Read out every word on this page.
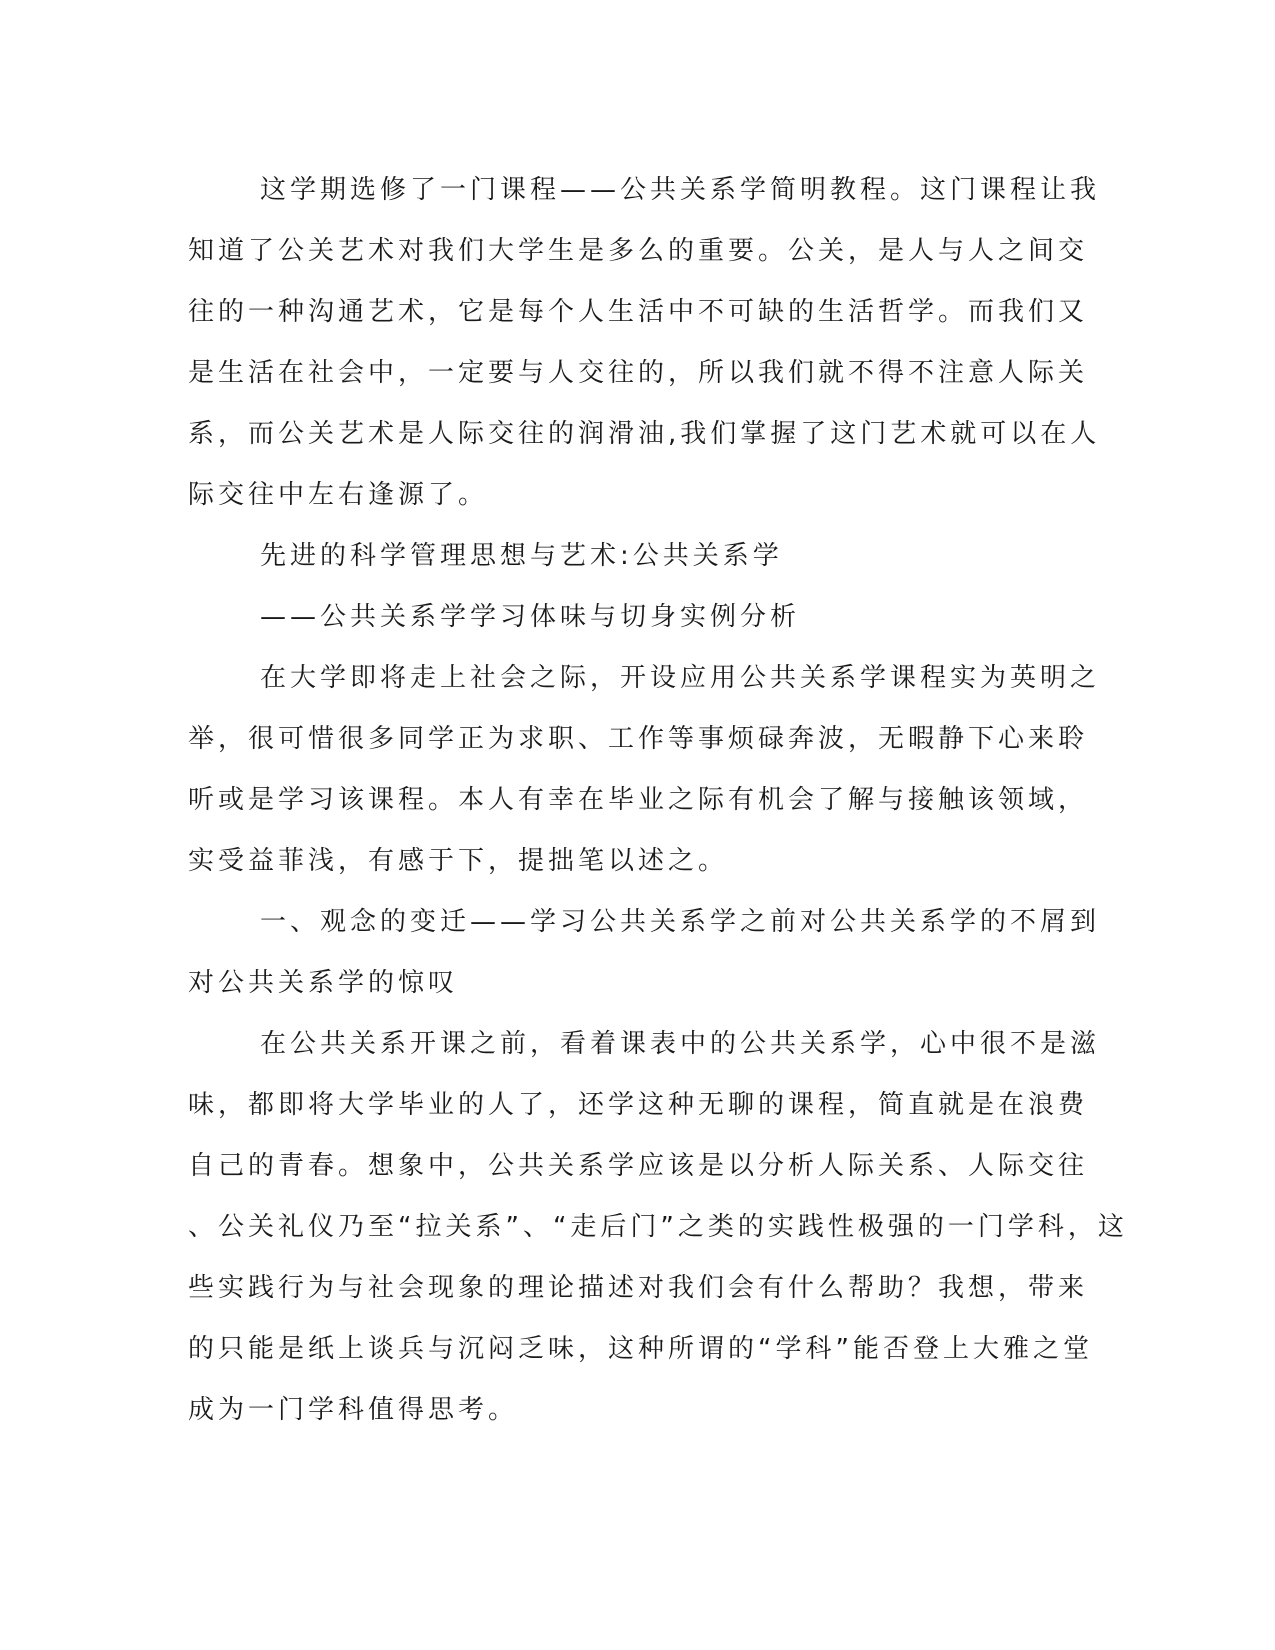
这学期选修了一门课程——公共关系学简明教程。这门课程让我
知道了公关艺术对我们大学生是多么的重要。公关，是人与人之间交
往的一种沟通艺术，它是每个人生活中不可缺的生活哲学。而我们又
是生活在社会中，一定要与人交往的，所以我们就不得不注意人际关
系，而公关艺术是人际交往的润滑油,我们掌握了这门艺术就可以在人
际交往中左右逢源了。
先进的科学管理思想与艺术:公共关系学
——公共关系学学习体味与切身实例分析
在大学即将走上社会之际，开设应用公共关系学课程实为英明之
举，很可惜很多同学正为求职、工作等事烦碌奔波，无暇静下心来聆
听或是学习该课程。本人有幸在毕业之际有机会了解与接触该领域，
实受益菲浅，有感于下，提拙笔以述之。
一、观念的变迁——学习公共关系学之前对公共关系学的不屑到
对公共关系学的惊叹
在公共关系开课之前，看着课表中的公共关系学，心中很不是滋
味，都即将大学毕业的人了，还学这种无聊的课程，简直就是在浪费
自己的青春。想象中，公共关系学应该是以分析人际关系、人际交往
、公关礼仪乃至“拉关系”、“走后门”之类的实践性极强的一门学科，这
些实践行为与社会现象的理论描述对我们会有什么帮助？我想，带来
的只能是纸上谈兵与沉闷乏味，这种所谓的“学科”能否登上大雅之堂
成为一门学科值得思考。
